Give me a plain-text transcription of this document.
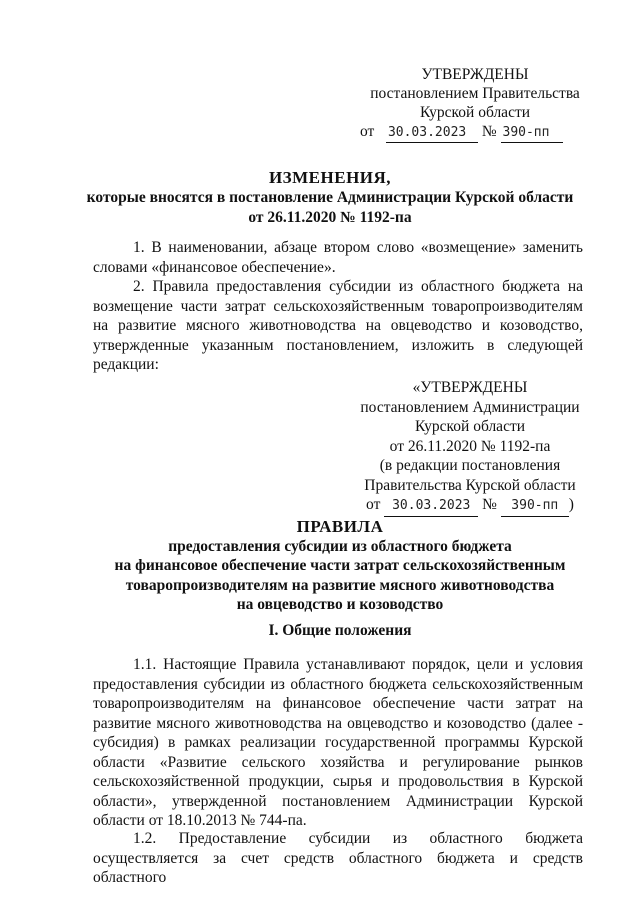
УТВЕРЖДЕНЫ
постановлением Правительства
Курской области
от 30.03.2023 № 390-пп
ИЗМЕНЕНИЯ,
которые вносятся в постановление Администрации Курской области
от 26.11.2020 № 1192-па
1. В наименовании, абзаце втором слово «возмещение» заменить словами «финансовое обеспечение».
2. Правила предоставления субсидии из областного бюджета на возмещение части затрат сельскохозяйственным товаропроизводителям на развитие мясного животноводства на овцеводство и козоводство, утвержденные указанным постановлением, изложить в следующей редакции:
«УТВЕРЖДЕНЫ
постановлением Администрации
Курской области
от 26.11.2020 № 1192-па
(в редакции постановления
Правительства Курской области
от 30.03.2023 № 390-пп )
ПРАВИЛА
предоставления субсидии из областного бюджета
на финансовое обеспечение части затрат сельскохозяйственным
товаропроизводителям на развитие мясного животноводства
на овцеводство и козоводство
I. Общие положения
1.1. Настоящие Правила устанавливают порядок, цели и условия предоставления субсидии из областного бюджета сельскохозяйственным товаропроизводителям на финансовое обеспечение части затрат на развитие мясного животноводства на овцеводство и козоводство (далее - субсидия) в рамках реализации государственной программы Курской области «Развитие сельского хозяйства и регулирование рынков сельскохозяйственной продукции, сырья и продовольствия в Курской области», утвержденной постановлением Администрации Курской области от 18.10.2013 № 744-па.
1.2. Предоставление субсидии из областного бюджета осуществляется за счет средств областного бюджета и средств областного
